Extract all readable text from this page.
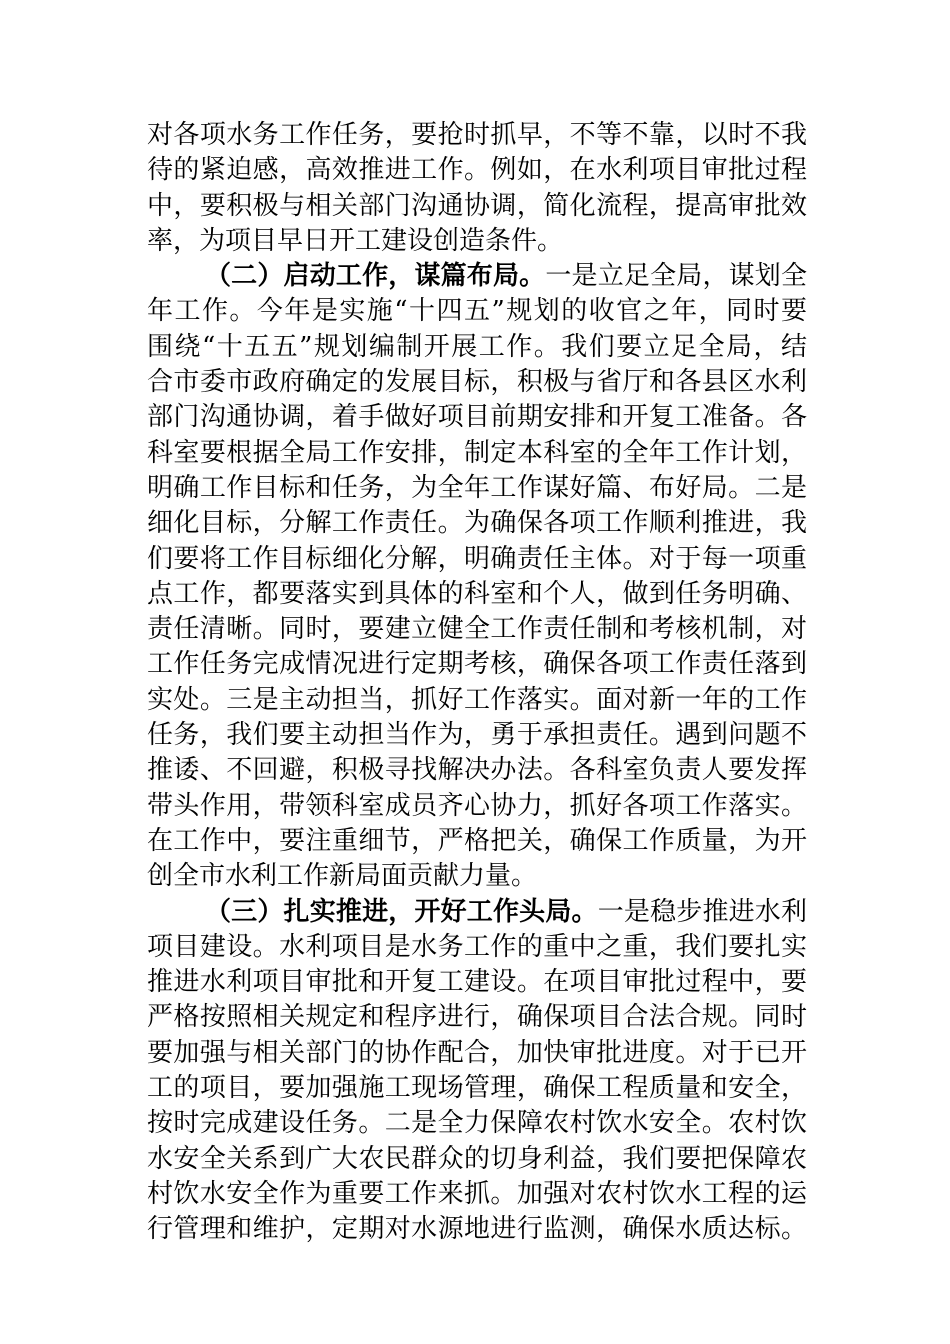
对各项水务工作任务，要抢时抓早，不等不靠，以时不我
待的紧迫感，高效推进工作。例如，在水利项目审批过程
中，要积极与相关部门沟通协调，简化流程，提高审批效
率，为项目早日开工建设创造条件。
（二）启动工作，谋篇布局。一是立足全局，谋划全
年工作。今年是实施“十四五”规划的收官之年，同时要
围绕“十五五”规划编制开展工作。我们要立足全局，结
合市委市政府确定的发展目标，积极与省厅和各县区水利
部门沟通协调，着手做好项目前期安排和开复工准备。各
科室要根据全局工作安排，制定本科室的全年工作计划，
明确工作目标和任务，为全年工作谋好篇、布好局。二是
细化目标，分解工作责任。为确保各项工作顺利推进，我
们要将工作目标细化分解，明确责任主体。对于每一项重
点工作，都要落实到具体的科室和个人，做到任务明确、
责任清晰。同时，要建立健全工作责任制和考核机制，对
工作任务完成情况进行定期考核，确保各项工作责任落到
实处。三是主动担当，抓好工作落实。面对新一年的工作
任务，我们要主动担当作为，勇于承担责任。遇到问题不
推诿、不回避，积极寻找解决办法。各科室负责人要发挥
带头作用，带领科室成员齐心协力，抓好各项工作落实。
在工作中，要注重细节，严格把关，确保工作质量，为开
创全市水利工作新局面贡献力量。
（三）扎实推进，开好工作头局。一是稳步推进水利
项目建设。水利项目是水务工作的重中之重，我们要扎实
推进水利项目审批和开复工建设。在项目审批过程中，要
严格按照相关规定和程序进行，确保项目合法合规。同时
要加强与相关部门的协作配合，加快审批进度。对于已开
工的项目，要加强施工现场管理，确保工程质量和安全，
按时完成建设任务。二是全力保障农村饮水安全。农村饮
水安全关系到广大农民群众的切身利益，我们要把保障农
村饮水安全作为重要工作来抓。加强对农村饮水工程的运
行管理和维护，定期对水源地进行监测，确保水质达标。
